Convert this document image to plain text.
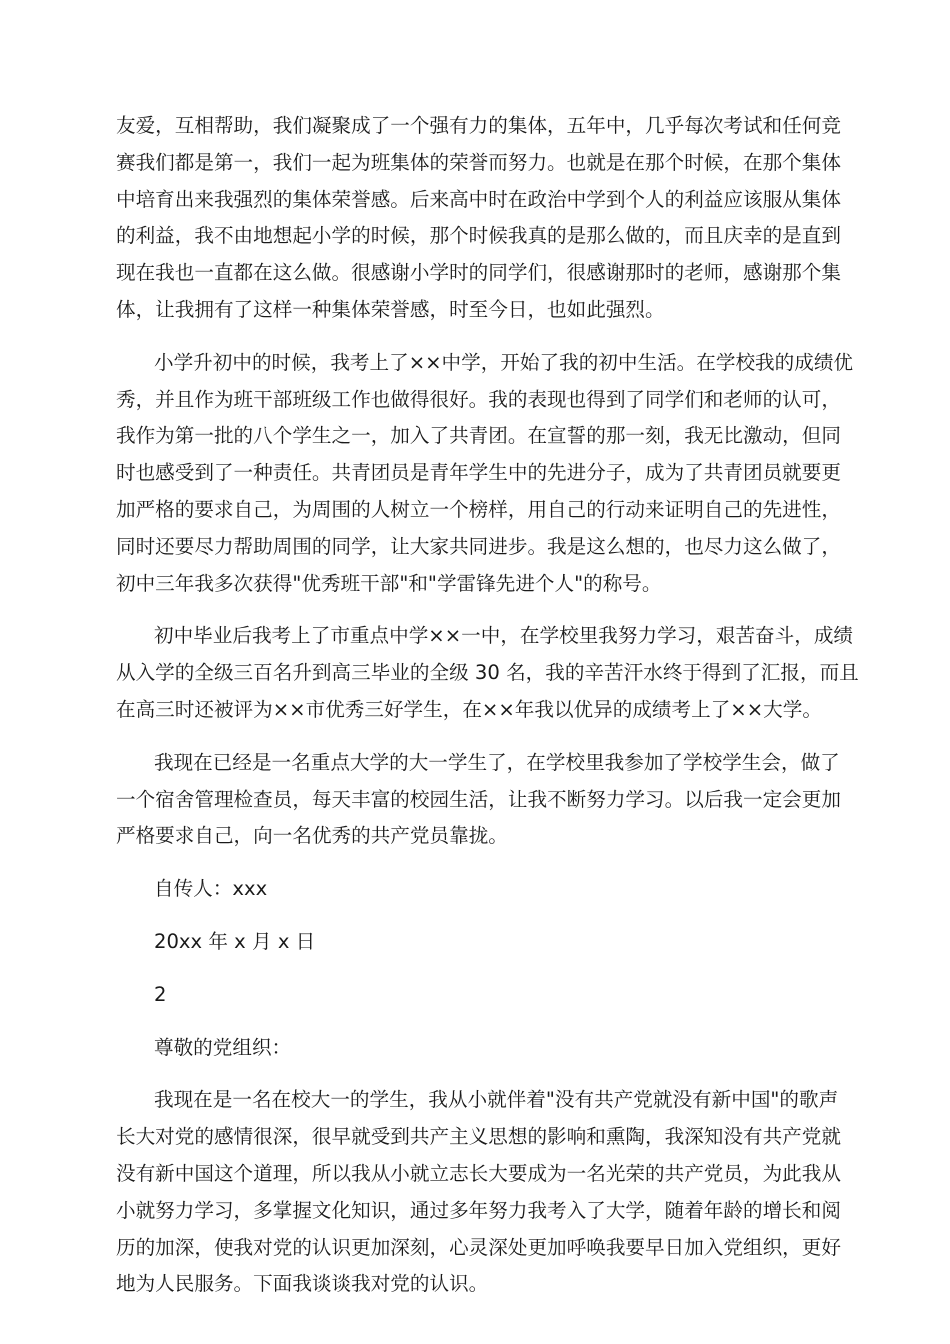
友爱，互相帮助，我们凝聚成了一个强有力的集体，五年中，几乎每次考试和任何竞
赛我们都是第一，我们一起为班集体的荣誉而努力。也就是在那个时候，在那个集体
中培育出来我强烈的集体荣誉感。后来高中时在政治中学到个人的利益应该服从集体
的利益，我不由地想起小学的时候，那个时候我真的是那么做的，而且庆幸的是直到
现在我也一直都在这么做。很感谢小学时的同学们，很感谢那时的老师，感谢那个集
体，让我拥有了这样一种集体荣誉感，时至今日，也如此强烈。

小学升初中的时候，我考上了××中学，开始了我的初中生活。在学校我的成绩优
秀，并且作为班干部班级工作也做得很好。我的表现也得到了同学们和老师的认可，
我作为第一批的八个学生之一，加入了共青团。在宣誓的那一刻，我无比激动，但同
时也感受到了一种责任。共青团员是青年学生中的先进分子，成为了共青团员就要更
加严格的要求自己，为周围的人树立一个榜样，用自己的行动来证明自己的先进性，
同时还要尽力帮助周围的同学，让大家共同进步。我是这么想的，也尽力这么做了，
初中三年我多次获得"优秀班干部"和"学雷锋先进个人"的称号。

初中毕业后我考上了市重点中学××一中，在学校里我努力学习，艰苦奋斗，成绩
从入学的全级三百名升到高三毕业的全级 30 名，我的辛苦汗水终于得到了汇报，而且
在高三时还被评为××市优秀三好学生，在××年我以优异的成绩考上了××大学。

我现在已经是一名重点大学的大一学生了，在学校里我参加了学校学生会，做了
一个宿舍管理检查员，每天丰富的校园生活，让我不断努力学习。以后我一定会更加
严格要求自己，向一名优秀的共产党员靠拢。

自传人：xxx

20xx 年 x 月 x 日

2

尊敬的党组织：

我现在是一名在校大一的学生，我从小就伴着"没有共产党就没有新中国"的歌声
长大对党的感情很深，很早就受到共产主义思想的影响和熏陶，我深知没有共产党就
没有新中国这个道理，所以我从小就立志长大要成为一名光荣的共产党员，为此我从
小就努力学习，多掌握文化知识，通过多年努力我考入了大学，随着年龄的增长和阅
历的加深，使我对党的认识更加深刻，心灵深处更加呼唤我要早日加入党组织，更好
地为人民服务。下面我谈谈我对党的认识。
